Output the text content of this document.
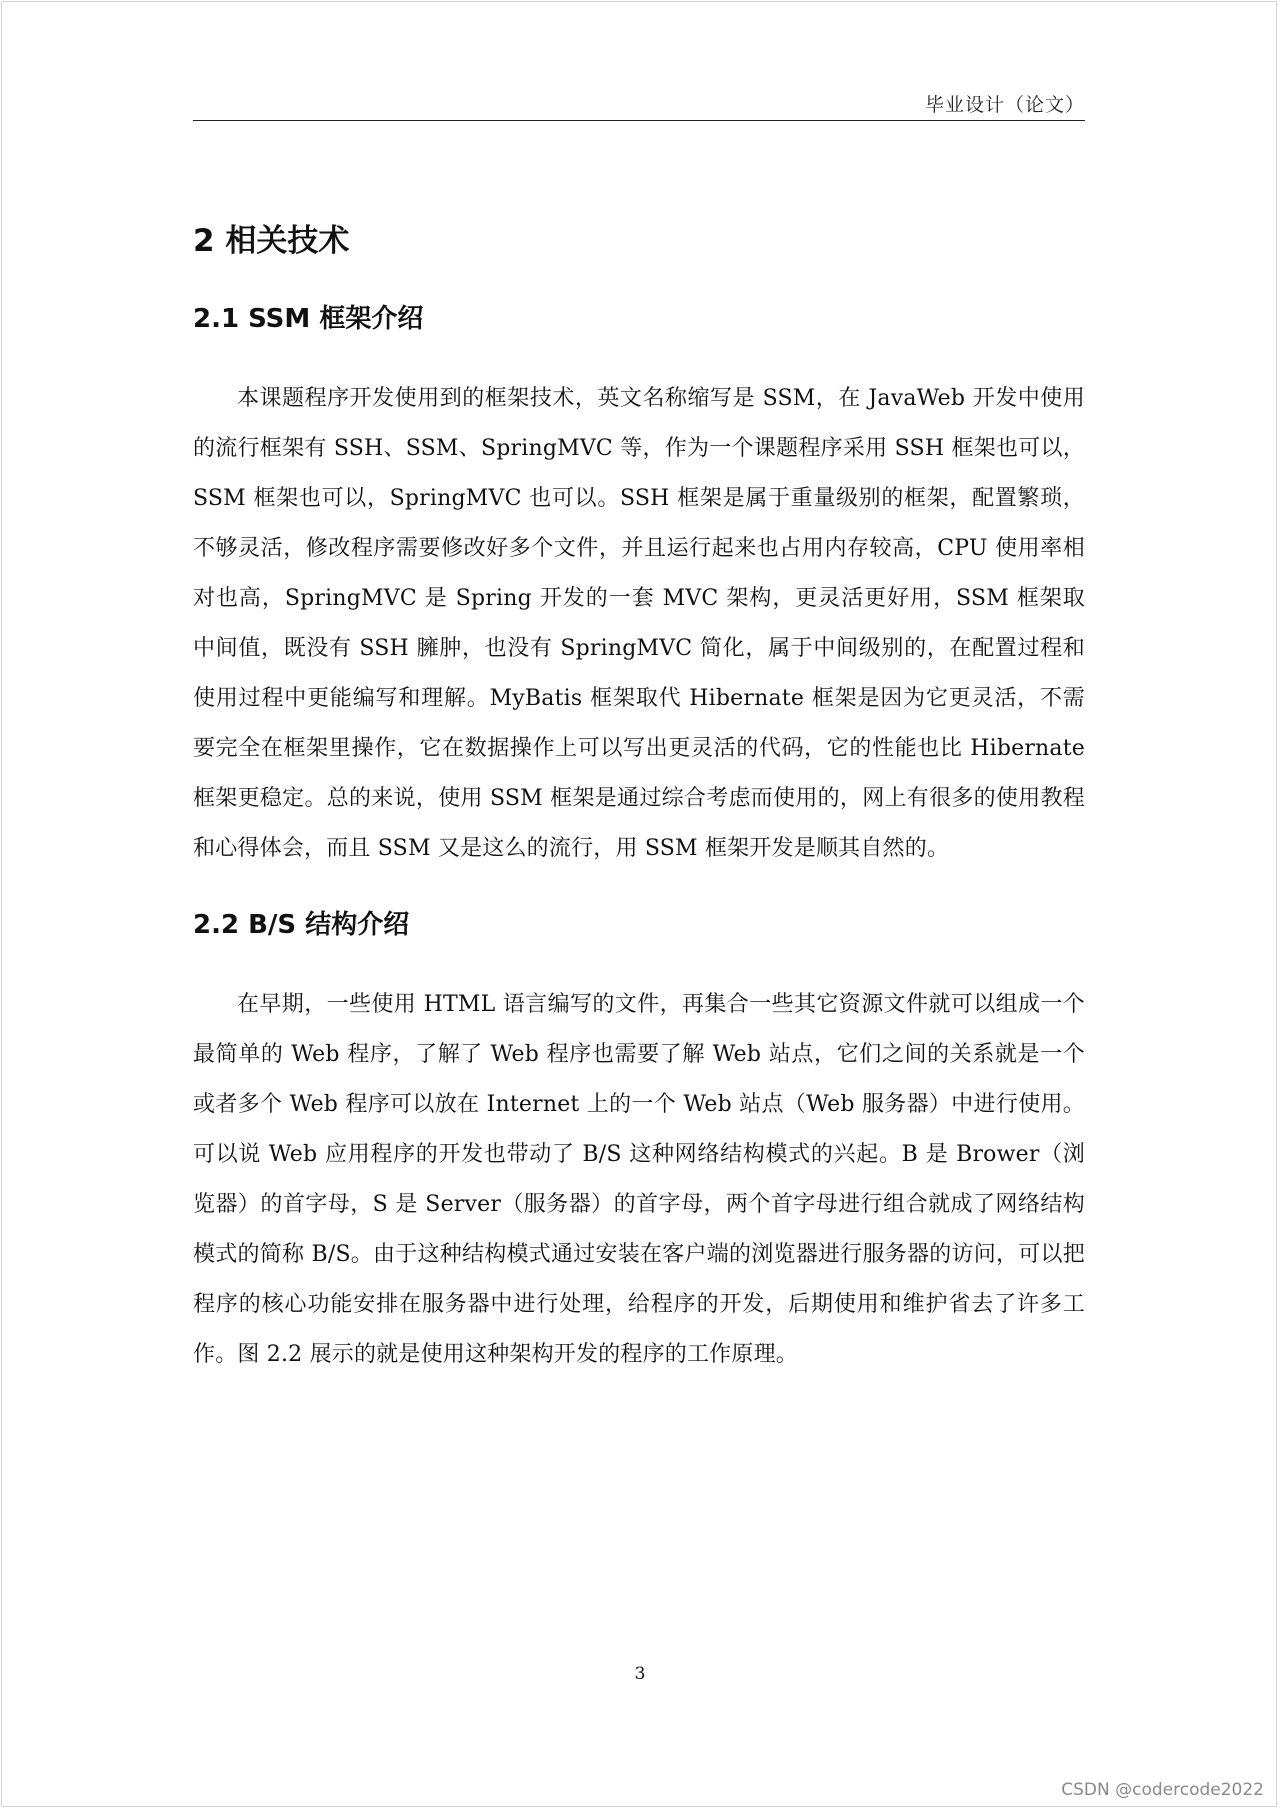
毕业设计（论文）
2 相关技术
2.1 SSM 框架介绍

本课题程序开发使用到的框架技术，英文名称缩写是 SSM，在 JavaWeb 开发中使用的流行框架有 SSH、SSM、SpringMVC 等，作为一个课题程序采用 SSH 框架也可以，SSM 框架也可以，SpringMVC 也可以。SSH 框架是属于重量级别的框架，配置繁琐，不够灵活，修改程序需要修改好多个文件，并且运行起来也占用内存较高，CPU 使用率相对也高，SpringMVC 是 Spring 开发的一套 MVC 架构，更灵活更好用，SSM 框架取中间值，既没有 SSH 臃肿，也没有 SpringMVC 简化，属于中间级别的，在配置过程和使用过程中更能编写和理解。MyBatis 框架取代 Hibernate 框架是因为它更灵活，不需要完全在框架里操作，它在数据操作上可以写出更灵活的代码，它的性能也比 Hibernate 框架更稳定。总的来说，使用 SSM 框架是通过综合考虑而使用的，网上有很多的使用教程和心得体会，而且 SSM 又是这么的流行，用 SSM 框架开发是顺其自然的。

2.2 B/S 结构介绍

在早期，一些使用 HTML 语言编写的文件，再集合一些其它资源文件就可以组成一个最简单的 Web 程序，了解了 Web 程序也需要了解 Web 站点，它们之间的关系就是一个或者多个 Web 程序可以放在 Internet 上的一个 Web 站点（Web 服务器）中进行使用。可以说 Web 应用程序的开发也带动了 B/S 这种网络结构模式的兴起。B 是 Brower（浏览器）的首字母，S 是 Server（服务器）的首字母，两个首字母进行组合就成了网络结构模式的简称 B/S。由于这种结构模式通过安装在客户端的浏览器进行服务器的访问，可以把程序的核心功能安排在服务器中进行处理，给程序的开发，后期使用和维护省去了许多工作。图 2.2 展示的就是使用这种架构开发的程序的工作原理。

3
CSDN @codercode2022
